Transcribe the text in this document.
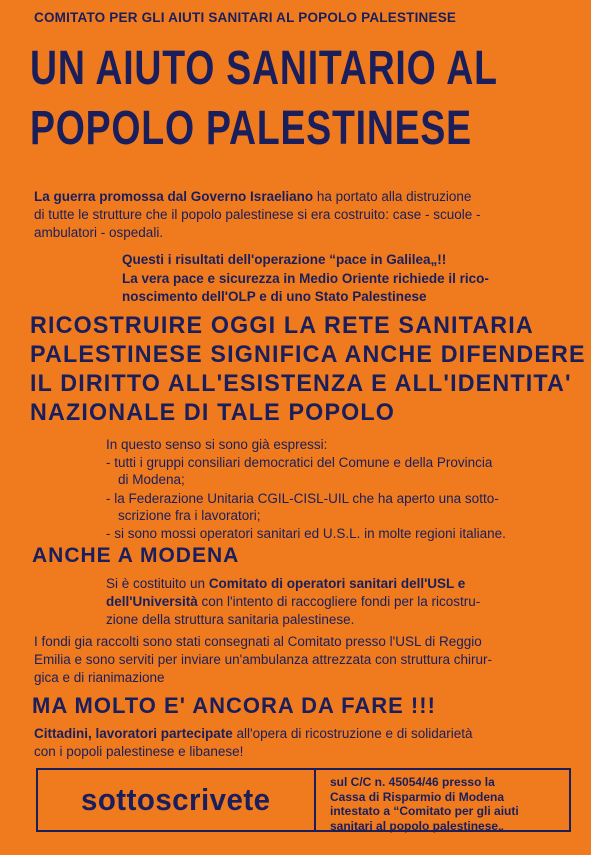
COMITATO PER GLI AIUTI SANITARI AL POPOLO PALESTINESE
UN AIUTO SANITARIO AL
POPOLO PALESTINESE
La guerra promossa dal Governo Israeliano ha portato alla distruzione
di tutte le strutture che il popolo palestinese si era costruito: case - scuole -
ambulatori - ospedali.
Questi i risultati dell'operazione “pace in Galilea„!!
La vera pace e sicurezza in Medio Oriente richiede il rico-
noscimento dell'OLP e di uno Stato Palestinese
RICOSTRUIRE OGGI LA RETE SANITARIA
PALESTINESE SIGNIFICA ANCHE DIFENDERE
IL DIRITTO ALL'ESISTENZA E ALL'IDENTITA'
NAZIONALE DI TALE POPOLO
In questo senso si sono già espressi:
- tutti i gruppi consiliari democratici del Comune e della Provincia
di Modena;
- la Federazione Unitaria CGIL-CISL-UIL che ha aperto una sotto-
scrizione fra i lavoratori;
- si sono mossi operatori sanitari ed U.S.L. in molte regioni italiane.
ANCHE A MODENA
Si è costituito un Comitato di operatori sanitari dell'USL e
dell'Università con l'intento di raccogliere fondi per la ricostru-
zione della struttura sanitaria palestinese.
I fondi gia raccolti sono stati consegnati al Comitato presso l'USL di Reggio
Emilia e sono serviti per inviare un'ambulanza attrezzata con struttura chirur-
gica e di rianimazione
MA MOLTO E' ANCORA DA FARE !!!
Cittadini, lavoratori partecipate all'opera di ricostruzione e di solidarietà
con i popoli palestinese e libanese!
sottoscrivete	sul C/C n. 45054/46 presso la
Cassa di Risparmio di Modena
intestato a “Comitato per gli aiuti
sanitari al popolo palestinese„
